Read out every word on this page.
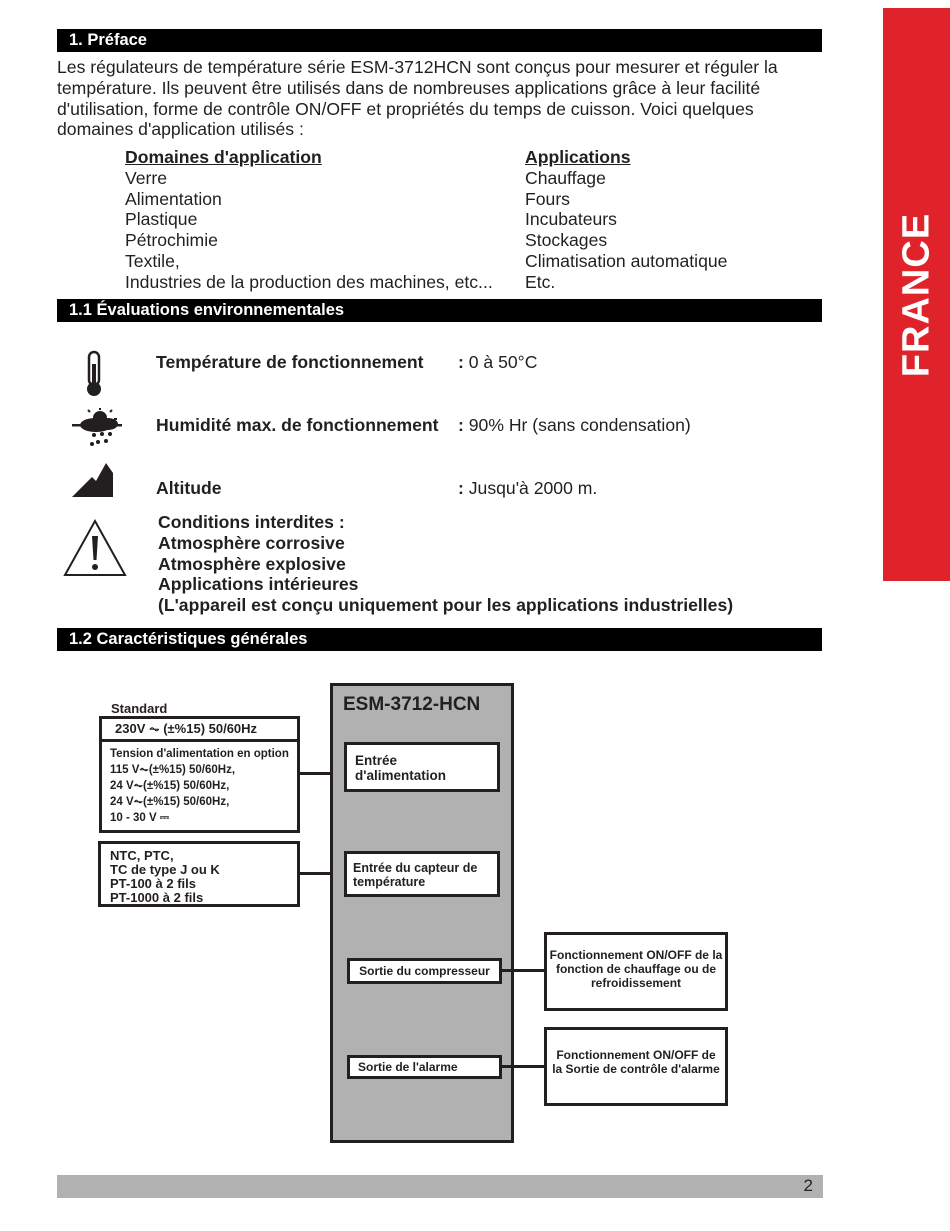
FRANCE
1. Préface
Les régulateurs de température série ESM-3712HCN sont conçus pour mesurer et réguler la température. Ils peuvent être utilisés dans de nombreuses applications grâce à leur facilité d'utilisation, forme de contrôle ON/OFF et propriétés du temps de cuisson. Voici quelques domaines d'application utilisés :
Domaines d'application
Verre
Alimentation
Plastique
Pétrochimie
Textile,
Industries de la production des machines, etc...
Applications
Chauffage
Fours
Incubateurs
Stockages
Climatisation automatique
Etc.
1.1 Évaluations environnementales
Température de fonctionnement : 0 à 50°C
Humidité max. de fonctionnement : 90% Hr (sans condensation)
Altitude	: Jusqu'à 2000 m.
Conditions interdites :
Atmosphère corrosive
Atmosphère explosive
Applications intérieures
(L'appareil est conçu uniquement pour les applications industrielles)
1.2 Caractéristiques générales
ESM-3712-HCN
Standard
230V ⏦ (±%15) 50/60Hz
Tension d'alimentation en option
115 V⏦(±%15) 50/60Hz,
24 V⏦(±%15) 50/60Hz,
24 V⏦(±%15) 50/60Hz,
10 - 30 V ⎓
NTC, PTC,
TC de type J ou K
PT-100 à 2 fils
PT-1000 à 2 fils
Entrée d'alimentation
Entrée du capteur de température
Sortie du compresseur
Sortie de l'alarme
Fonctionnement ON/OFF de la fonction de chauffage ou de refroidissement
Fonctionnement ON/OFF de la Sortie de contrôle d'alarme
2
